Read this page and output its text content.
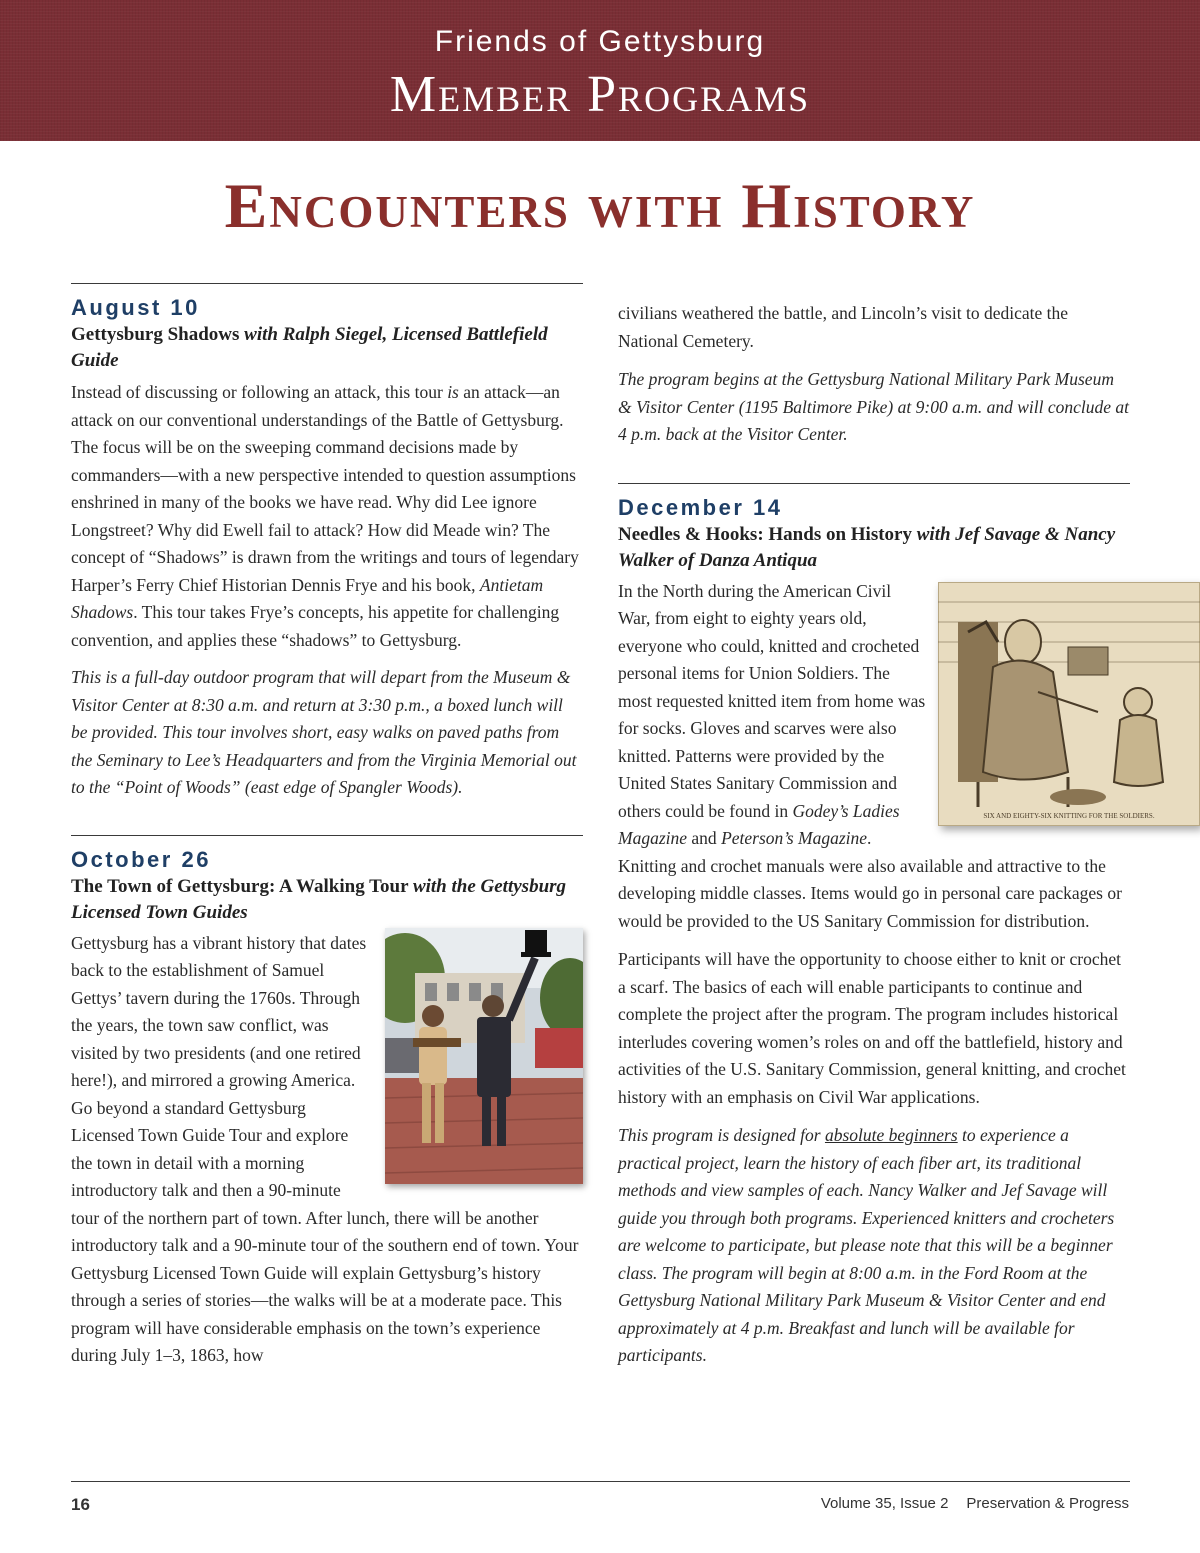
Friends of Gettysburg
Member Programs
Encounters with History
August 10
Gettysburg Shadows with Ralph Siegel, Licensed Battlefield Guide

Instead of discussing or following an attack, this tour is an attack—an attack on our conventional understandings of the Battle of Gettysburg. The focus will be on the sweeping command decisions made by commanders—with a new perspective intended to question assumptions enshrined in many of the books we have read. Why did Lee ignore Longstreet? Why did Ewell fail to attack? How did Meade win? The concept of “Shadows” is drawn from the writings and tours of legendary Harper’s Ferry Chief Historian Dennis Frye and his book, Antietam Shadows. This tour takes Frye’s concepts, his appetite for challenging convention, and applies these “shadows” to Gettysburg.

This is a full-day outdoor program that will depart from the Museum & Visitor Center at 8:30 a.m. and return at 3:30 p.m., a boxed lunch will be provided. This tour involves short, easy walks on paved paths from the Seminary to Lee’s Headquarters and from the Virginia Memorial out to the “Point of Woods” (east edge of Spangler Woods).

October 26
The Town of Gettysburg: A Walking Tour with the Gettysburg Licensed Town Guides

Gettysburg has a vibrant history that dates back to the establishment of Samuel Gettys’ tavern during the 1760s. Through the years, the town saw conflict, was visited by two presidents (and one retired here!), and mirrored a growing America. Go beyond a standard Gettysburg Licensed Town Guide Tour and explore the town in detail with a morning introductory talk and then a 90-minute tour of the northern part of town. After lunch, there will be another introductory talk and a 90-minute tour of the southern end of town. Your Gettysburg Licensed Town Guide will explain Gettysburg’s history through a series of stories—the walks will be at a moderate pace. This program will have considerable emphasis on the town’s experience during July 1–3, 1863, how

civilians weathered the battle, and Lincoln’s visit to dedicate the National Cemetery.

The program begins at the Gettysburg National Military Park Museum & Visitor Center (1195 Baltimore Pike) at 9:00 a.m. and will conclude at 4 p.m. back at the Visitor Center.

December 14
Needles & Hooks: Hands on History with Jef Savage & Nancy Walker of Danza Antiqua
SIX AND EIGHTY-SIX KNITTING FOR THE SOLDIERS.

In the North during the American Civil War, from eight to eighty years old, everyone who could, knitted and crocheted personal items for Union Soldiers. The most requested knitted item from home was for socks. Gloves and scarves were also knitted. Patterns were provided by the United States Sanitary Commission and others could be found in Godey’s Ladies Magazine and Peterson’s Magazine. Knitting and crochet manuals were also available and attractive to the developing middle classes. Items would go in personal care packages or would be provided to the US Sanitary Commission for distribution.

Participants will have the opportunity to choose either to knit or crochet a scarf. The basics of each will enable participants to continue and complete the project after the program. The program includes historical interludes covering women’s roles on and off the battlefield, history and activities of the U.S. Sanitary Commission, general knitting, and crochet history with an emphasis on Civil War applications.

This program is designed for absolute beginners to experience a practical project, learn the history of each fiber art, its traditional methods and view samples of each. Nancy Walker and Jef Savage will guide you through both programs. Experienced knitters and crocheters are welcome to participate, but please note that this will be a beginner class. The program will begin at 8:00 a.m. in the Ford Room at the Gettysburg National Military Park Museum & Visitor Center and end approximately at 4 p.m. Breakfast and lunch will be available for participants.

16	Volume 35, Issue 2 Preservation & Progress
